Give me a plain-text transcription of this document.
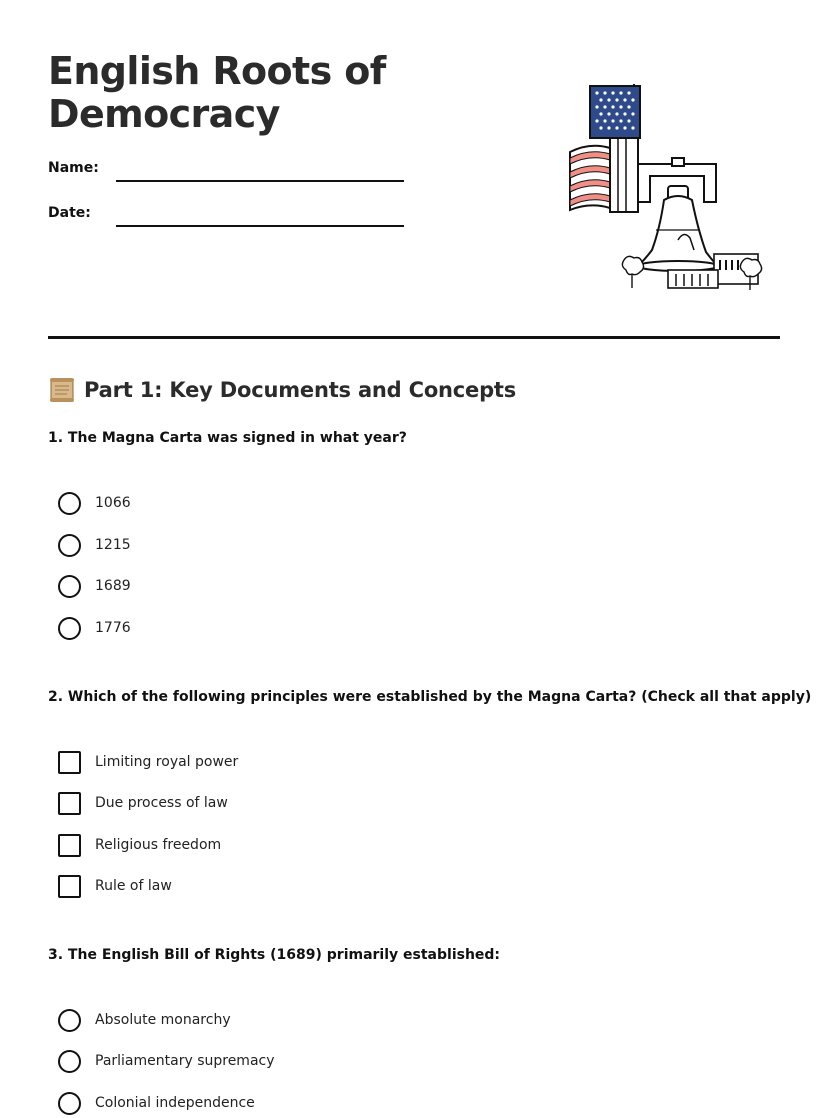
English Roots of Democracy
Name:
Date:
Part 1: Key Documents and Concepts
1. The Magna Carta was signed in what year?
1066
1215
1689
1776
2. Which of the following principles were established by the Magna Carta? (Check all that apply)
Limiting royal power
Due process of law
Religious freedom
Rule of law
3. The English Bill of Rights (1689) primarily established:
Absolute monarchy
Parliamentary supremacy
Colonial independence
